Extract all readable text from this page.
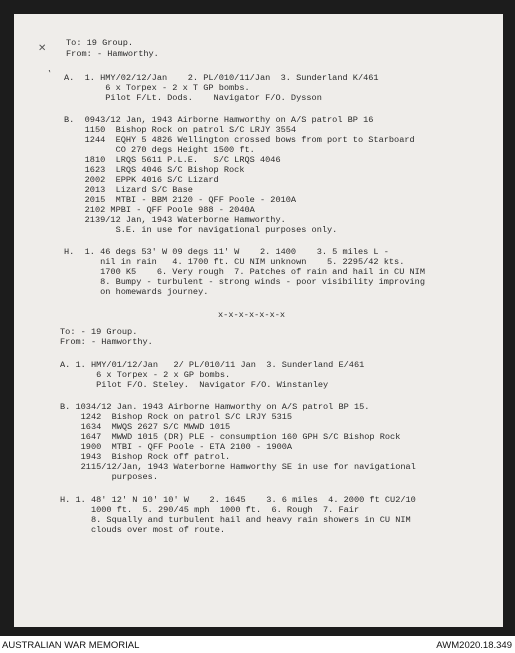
✕
‛
To: 19 Group.
From: - Hamworthy.
A.  1. HMY/02/12/Jan    2. PL/010/11/Jan  3. Sunderland K/461
6 x Torpex - 2 x T GP bombs.
Pilot F/Lt. Dods.    Navigator F/O. Dysson
B.  0943/12 Jan, 1943 Airborne Hamworthy on A/S patrol BP 16
1150  Bishop Rock on patrol S/C LRJY 3554
1244  EQHY 5 4826 Wellington crossed bows from port to Starboard
CO 270 degs Height 1500 ft.
1810  LRQS 5611 P.L.E.   S/C LRQS 4046
1623  LRQS 4046 S/C Bishop Rock
2002  EPPK 4016 S/C Lizard
2013  Lizard S/C Base
2015  MTBI - BBM 2120 - QFF Poole - 2010A
2102 MPBI - QFF Poole 988 - 2040A
2139/12 Jan, 1943 Waterborne Hamworthy.
S.E. in use for navigational purposes only.
H.  1. 46 degs 53' W 09 degs 11' W    2. 1400    3. 5 miles L -
nil in rain   4. 1700 ft. CU NIM unknown    5. 2295/42 kts.
1700 K5    6. Very rough  7. Patches of rain and hail in CU NIM
8. Bumpy - turbulent - strong winds - poor visibility improving
on homewards journey.
x-x-x-x-x-x-x
To: - 19 Group.
From: - Hamworthy.
A. 1. HMY/01/12/Jan   2/ PL/010/11 Jan  3. Sunderland E/461
6 x Torpex - 2 x GP bombs.
Pilot F/O. Steley.  Navigator F/O. Winstanley
B. 1034/12 Jan. 1943 Airborne Hamworthy on A/S patrol BP 15.
1242  Bishop Rock on patrol S/C LRJY 5315
1634  MWQS 2627 S/C MWWD 1015
1647  MWWD 1015 (DR) PLE - consumption 160 GPH S/C Bishop Rock
1900  MTBI - QFF Poole - ETA 2100 - 1900A
1943  Bishop Rock off patrol.
2115/12/Jan, 1943 Waterborne Hamworthy SE in use for navigational
purposes.
H. 1. 48' 12' N 10' 10' W    2. 1645    3. 6 miles  4. 2000 ft CU2/10
1000 ft.  5. 290/45 mph  1000 ft.  6. Rough  7. Fair
8. Squally and turbulent hail and heavy rain showers in CU NIM
clouds over most of route.
AUSTRALIAN WAR MEMORIAL	AWM2020.18.349
